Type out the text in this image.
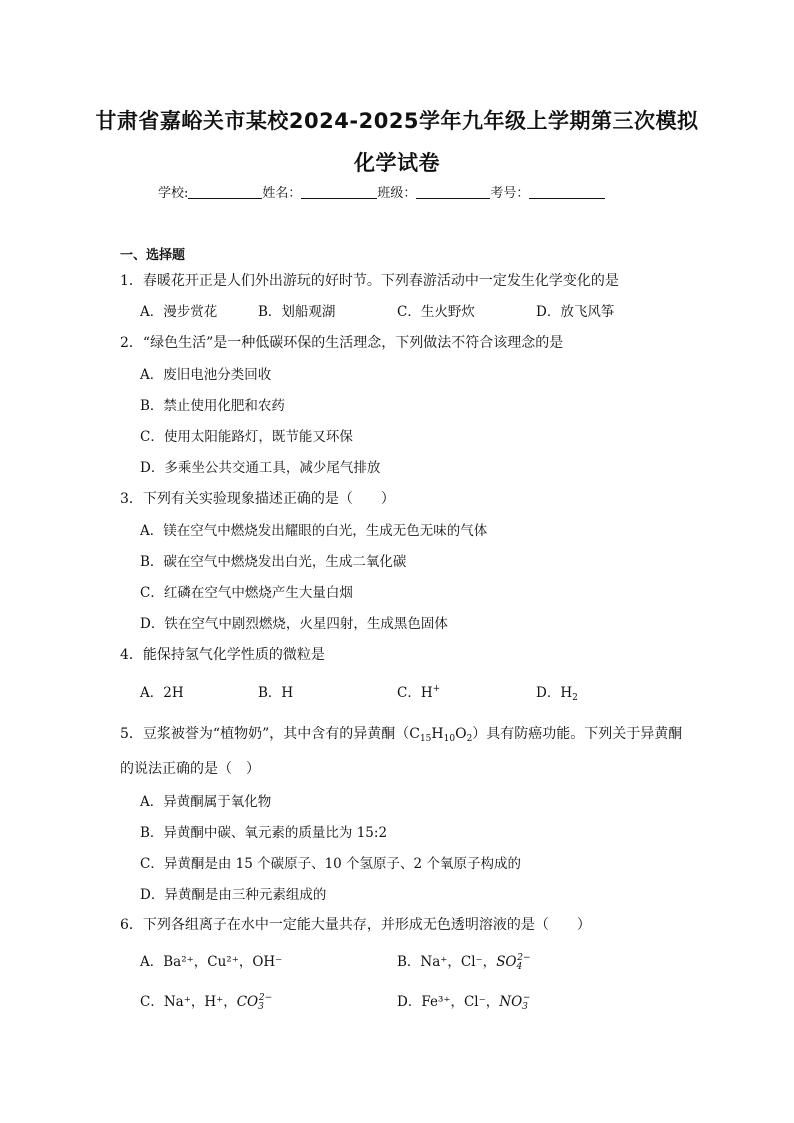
甘肃省嘉峪关市某校2024-2025学年九年级上学期第三次模拟
化学试卷
学校:	姓名：	班级：	考号：
一、选择题
1．春暖花开正是人们外出游玩的好时节。下列春游活动中一定发生化学变化的是
A．漫步赏花	B．划船观湖	C．生火野炊	D．放飞风筝
2．“绿色生活”是一种低碳环保的生活理念，下列做法不符合该理念的是
A．废旧电池分类回收
B．禁止使用化肥和农药
C．使用太阳能路灯，既节能又环保
D．多乘坐公共交通工具，减少尾气排放
3．下列有关实验现象描述正确的是（　　）
A．镁在空气中燃烧发出耀眼的白光，生成无色无味的气体
B．碳在空气中燃烧发出白光，生成二氧化碳
C．红磷在空气中燃烧产生大量白烟
D．铁在空气中剧烈燃烧，火星四射，生成黑色固体
4．能保持氢气化学性质的微粒是
A．2H	B．H	C．H+	D．$H_2$
5．豆浆被誉为“植物奶”，其中含有的异黄酮$(C_{15}H_{10}O_2)$具有防癌功能。下列关于异黄酮
的说法正确的是（　）
A．异黄酮属于氧化物
B．异黄酮中碳、氧元素的质量比为 15:2
C．异黄酮是由 15 个碳原子、10 个氢原子、2 个氧原子构成的
D．异黄酮是由三种元素组成的
6．下列各组离子在水中一定能大量共存，并形成无色透明溶液的是（　　）
A．Ba²⁺，Cu²⁺，OH⁻	B．Na⁺，Cl⁻，$SO_4^{2-}$
C．Na⁺，H⁺，$CO_3^{2-}$	D．Fe³⁺，Cl⁻，$NO_3^-$
